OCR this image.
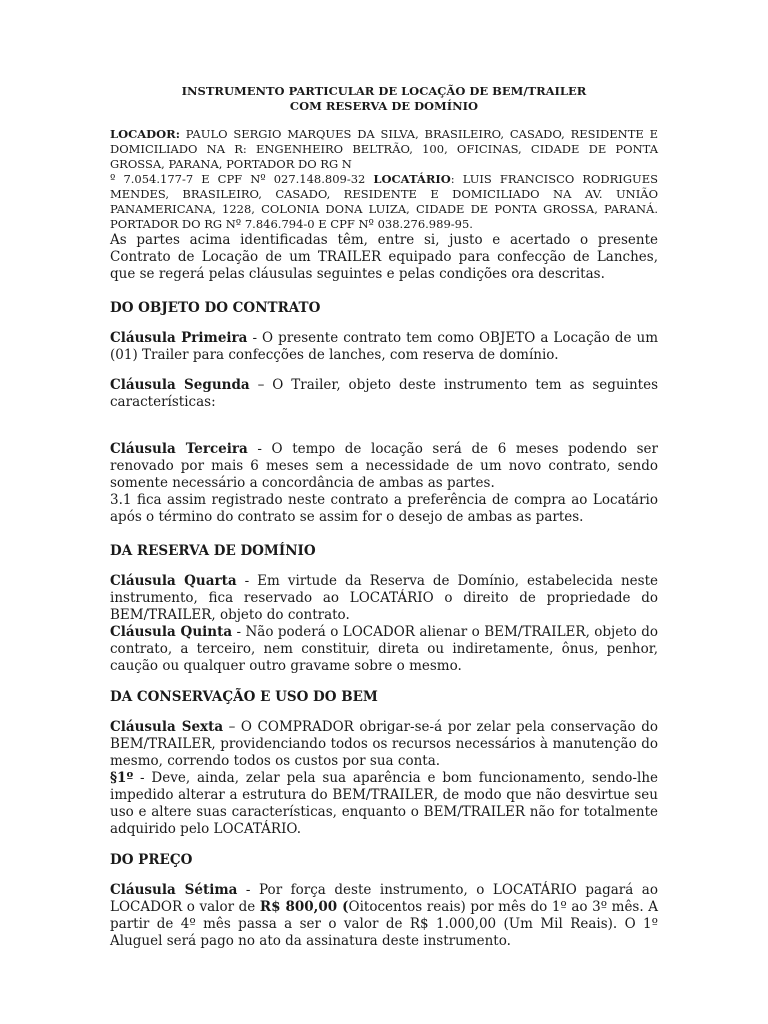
INSTRUMENTO PARTICULAR DE LOCAÇÃO DE BEM/TRAILER
COM RESERVA DE DOMÍNIO

LOCADOR: PAULO SERGIO MARQUES DA SILVA, BRASILEIRO, CASADO, RESIDENTE E DOMICILIADO NA R: ENGENHEIRO BELTRÃO, 100, OFICINAS, CIDADE DE PONTA GROSSA, PARANA, PORTADOR DO RG N
º 7.054.177-7 E CPF Nº 027.148.809-32 LOCATÁRIO: LUIS FRANCISCO RODRIGUES MENDES, BRASILEIRO, CASADO, RESIDENTE E DOMICILIADO NA AV. UNIÃO PANAMERICANA, 1228, COLONIA DONA LUIZA, CIDADE DE PONTA GROSSA, PARANÁ. PORTADOR DO RG Nº 7.846.794-0 E CPF Nº 038.276.989-95.

As partes acima identificadas têm, entre si, justo e acertado o presente Contrato de Locação de um TRAILER equipado para confecção de Lanches, que se regerá pelas cláusulas seguintes e pelas condições ora descritas.

DO OBJETO DO CONTRATO

Cláusula Primeira - O presente contrato tem como OBJETO a Locação de um (01) Trailer para confecções de lanches, com reserva de domínio.

Cláusula Segunda – O Trailer, objeto deste instrumento tem as seguintes características:

Cláusula Terceira - O tempo de locação será de 6 meses podendo ser renovado por mais 6 meses sem a necessidade de um novo contrato, sendo somente necessário a concordância de ambas as partes.

3.1 fica assim registrado neste contrato a preferência de compra ao Locatário após o término do contrato se assim for o desejo de ambas as partes.

DA RESERVA DE DOMÍNIO

Cláusula Quarta - Em virtude da Reserva de Domínio, estabelecida neste instrumento, fica reservado ao LOCATÁRIO o direito de propriedade do BEM/TRAILER, objeto do contrato.

Cláusula Quinta - Não poderá o LOCADOR alienar o BEM/TRAILER, objeto do contrato, a terceiro, nem constituir, direta ou indiretamente, ônus, penhor, caução ou qualquer outro gravame sobre o mesmo.

DA CONSERVAÇÃO E USO DO BEM

Cláusula Sexta – O COMPRADOR obrigar-se-á por zelar pela conservação do BEM/TRAILER, providenciando todos os recursos necessários à manutenção do mesmo, correndo todos os custos por sua conta.

§1º - Deve, ainda, zelar pela sua aparência e bom funcionamento, sendo-lhe impedido alterar a estrutura do BEM/TRAILER, de modo que não desvirtue seu uso e altere suas características, enquanto o BEM/TRAILER não for totalmente adquirido pelo LOCATÁRIO.

DO PREÇO

Cláusula Sétima - Por força deste instrumento, o LOCATÁRIO pagará ao LOCADOR o valor de R$ 800,00 (Oitocentos reais) por mês do 1º ao 3º mês. A partir de 4º mês passa a ser o valor de R$ 1.000,00 (Um Mil Reais). O 1º Aluguel será pago no ato da assinatura deste instrumento.
